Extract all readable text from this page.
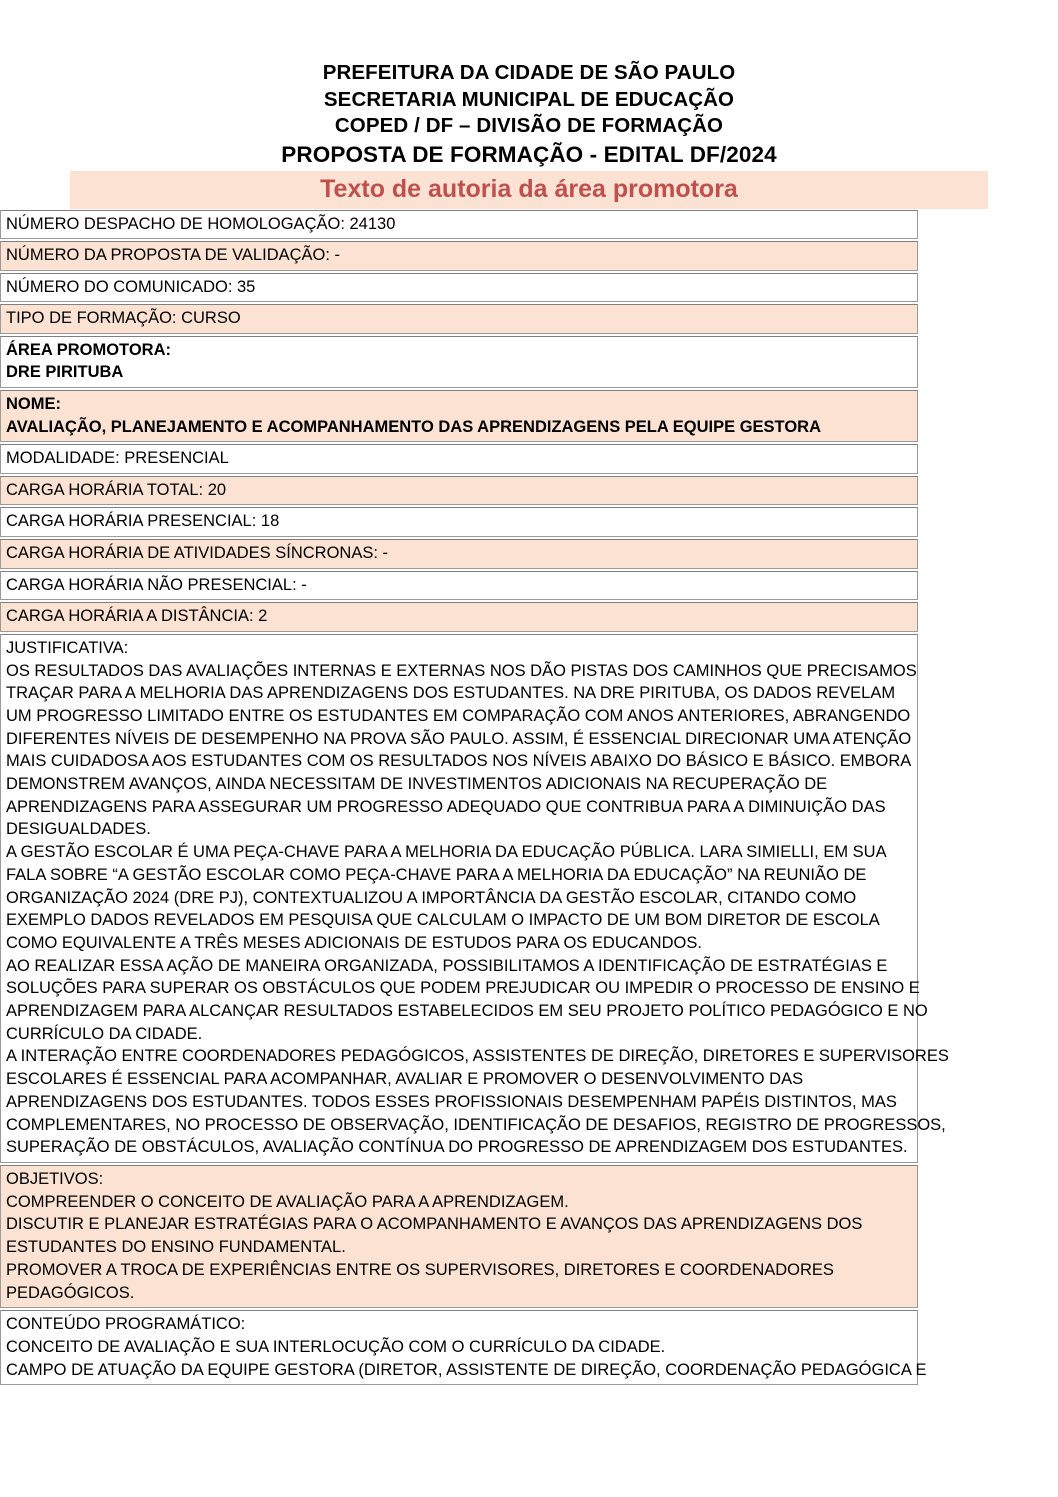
PREFEITURA DA CIDADE DE SÃO PAULO
SECRETARIA MUNICIPAL DE EDUCAÇÃO
COPED / DF – DIVISÃO DE FORMAÇÃO
PROPOSTA DE FORMAÇÃO - EDITAL DF/2024
Texto de autoria da área promotora
NÚMERO DESPACHO DE HOMOLOGAÇÃO: 24130
NÚMERO DA PROPOSTA DE VALIDAÇÃO: -
NÚMERO DO COMUNICADO: 35
TIPO DE FORMAÇÃO: CURSO
ÁREA PROMOTORA:
DRE PIRITUBA
NOME:
AVALIAÇÃO, PLANEJAMENTO E ACOMPANHAMENTO DAS APRENDIZAGENS PELA EQUIPE GESTORA
MODALIDADE: PRESENCIAL
CARGA HORÁRIA TOTAL: 20
CARGA HORÁRIA PRESENCIAL: 18
CARGA HORÁRIA DE ATIVIDADES SÍNCRONAS: -
CARGA HORÁRIA NÃO PRESENCIAL: -
CARGA HORÁRIA A DISTÂNCIA: 2
JUSTIFICATIVA:
OS RESULTADOS DAS AVALIAÇÕES INTERNAS E EXTERNAS NOS DÃO PISTAS DOS CAMINHOS QUE PRECISAMOS
TRAÇAR PARA A MELHORIA DAS APRENDIZAGENS DOS ESTUDANTES. NA DRE PIRITUBA, OS DADOS REVELAM
UM PROGRESSO LIMITADO ENTRE OS ESTUDANTES EM COMPARAÇÃO COM ANOS ANTERIORES, ABRANGENDO
DIFERENTES NÍVEIS DE DESEMPENHO NA PROVA SÃO PAULO. ASSIM, É ESSENCIAL DIRECIONAR UMA ATENÇÃO
MAIS CUIDADOSA AOS ESTUDANTES COM OS RESULTADOS NOS NÍVEIS ABAIXO DO BÁSICO E BÁSICO. EMBORA
DEMONSTREM AVANÇOS, AINDA NECESSITAM DE INVESTIMENTOS ADICIONAIS NA RECUPERAÇÃO DE
APRENDIZAGENS PARA ASSEGURAR UM PROGRESSO ADEQUADO QUE CONTRIBUA PARA A DIMINUIÇÃO DAS
DESIGUALDADES.
A GESTÃO ESCOLAR É UMA PEÇA-CHAVE PARA A MELHORIA DA EDUCAÇÃO PÚBLICA. LARA SIMIELLI, EM SUA
FALA SOBRE “A GESTÃO ESCOLAR COMO PEÇA-CHAVE PARA A MELHORIA DA EDUCAÇÃO” NA REUNIÃO DE
ORGANIZAÇÃO 2024 (DRE PJ), CONTEXTUALIZOU A IMPORTÂNCIA DA GESTÃO ESCOLAR, CITANDO COMO
EXEMPLO DADOS REVELADOS EM PESQUISA QUE CALCULAM O IMPACTO DE UM BOM DIRETOR DE ESCOLA
COMO EQUIVALENTE A TRÊS MESES ADICIONAIS DE ESTUDOS PARA OS EDUCANDOS.
AO REALIZAR ESSA AÇÃO DE MANEIRA ORGANIZADA, POSSIBILITAMOS A IDENTIFICAÇÃO DE ESTRATÉGIAS E
SOLUÇÕES PARA SUPERAR OS OBSTÁCULOS QUE PODEM PREJUDICAR OU IMPEDIR O PROCESSO DE ENSINO E
APRENDIZAGEM PARA ALCANÇAR RESULTADOS ESTABELECIDOS EM SEU PROJETO POLÍTICO PEDAGÓGICO E NO
CURRÍCULO DA CIDADE.
A INTERAÇÃO ENTRE COORDENADORES PEDAGÓGICOS, ASSISTENTES DE DIREÇÃO, DIRETORES E SUPERVISORES
ESCOLARES É ESSENCIAL PARA ACOMPANHAR, AVALIAR E PROMOVER O DESENVOLVIMENTO DAS
APRENDIZAGENS DOS ESTUDANTES. TODOS ESSES PROFISSIONAIS DESEMPENHAM PAPÉIS DISTINTOS, MAS
COMPLEMENTARES, NO PROCESSO DE OBSERVAÇÃO, IDENTIFICAÇÃO DE DESAFIOS, REGISTRO DE PROGRESSOS,
SUPERAÇÃO DE OBSTÁCULOS, AVALIAÇÃO CONTÍNUA DO PROGRESSO DE APRENDIZAGEM DOS ESTUDANTES.
OBJETIVOS:
COMPREENDER O CONCEITO DE AVALIAÇÃO PARA A APRENDIZAGEM.
DISCUTIR E PLANEJAR ESTRATÉGIAS PARA O ACOMPANHAMENTO E AVANÇOS DAS APRENDIZAGENS DOS
ESTUDANTES DO ENSINO FUNDAMENTAL.
PROMOVER A TROCA DE EXPERIÊNCIAS ENTRE OS SUPERVISORES, DIRETORES E COORDENADORES
PEDAGÓGICOS.
CONTEÚDO PROGRAMÁTICO:
CONCEITO DE AVALIAÇÃO E SUA INTERLOCUÇÃO COM O CURRÍCULO DA CIDADE.
CAMPO DE ATUAÇÃO DA EQUIPE GESTORA (DIRETOR, ASSISTENTE DE DIREÇÃO, COORDENAÇÃO PEDAGÓGICA E
